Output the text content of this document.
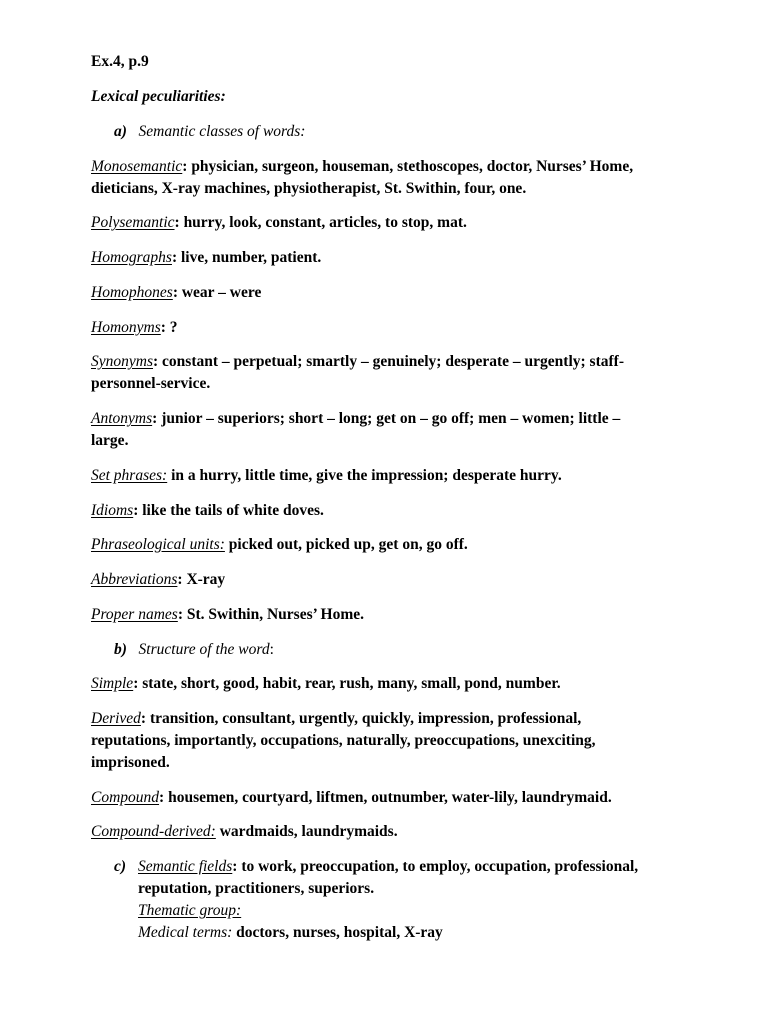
Ex.4, p.9
Lexical peculiarities:
a) Semantic classes of words:
Monosemantic: physician, surgeon, houseman, stethoscopes, doctor, Nurses’ Home,
dieticians, X-ray machines, physiotherapist, St. Swithin, four, one.
Polysemantic: hurry, look, constant, articles, to stop, mat.
Homographs: live, number, patient.
Homophones: wear – were
Homonyms: ?
Synonyms: constant – perpetual; smartly – genuinely; desperate – urgently; staff-
personnel-service.
Antonyms: junior – superiors; short – long; get on – go off; men – women; little –
large.
Set phrases: in a hurry, little time, give the impression; desperate hurry.
Idioms: like the tails of white doves.
Phraseological units: picked out, picked up, get on, go off.
Abbreviations: X-ray
Proper names: St. Swithin, Nurses’ Home.
b) Structure of the word:
Simple: state, short, good, habit, rear, rush, many, small, pond, number.
Derived: transition, consultant, urgently, quickly, impression, professional,
reputations, importantly, occupations, naturally, preoccupations, unexciting,
imprisoned.
Compound: housemen, courtyard, liftmen, outnumber, water-lily, laundrymaid.
Compound-derived: wardmaids, laundrymaids.
c) Semantic fields: to work, preoccupation, to employ, occupation, professional,
reputation, practitioners, superiors.
Thematic group:
Medical terms: doctors, nurses, hospital, X-ray
